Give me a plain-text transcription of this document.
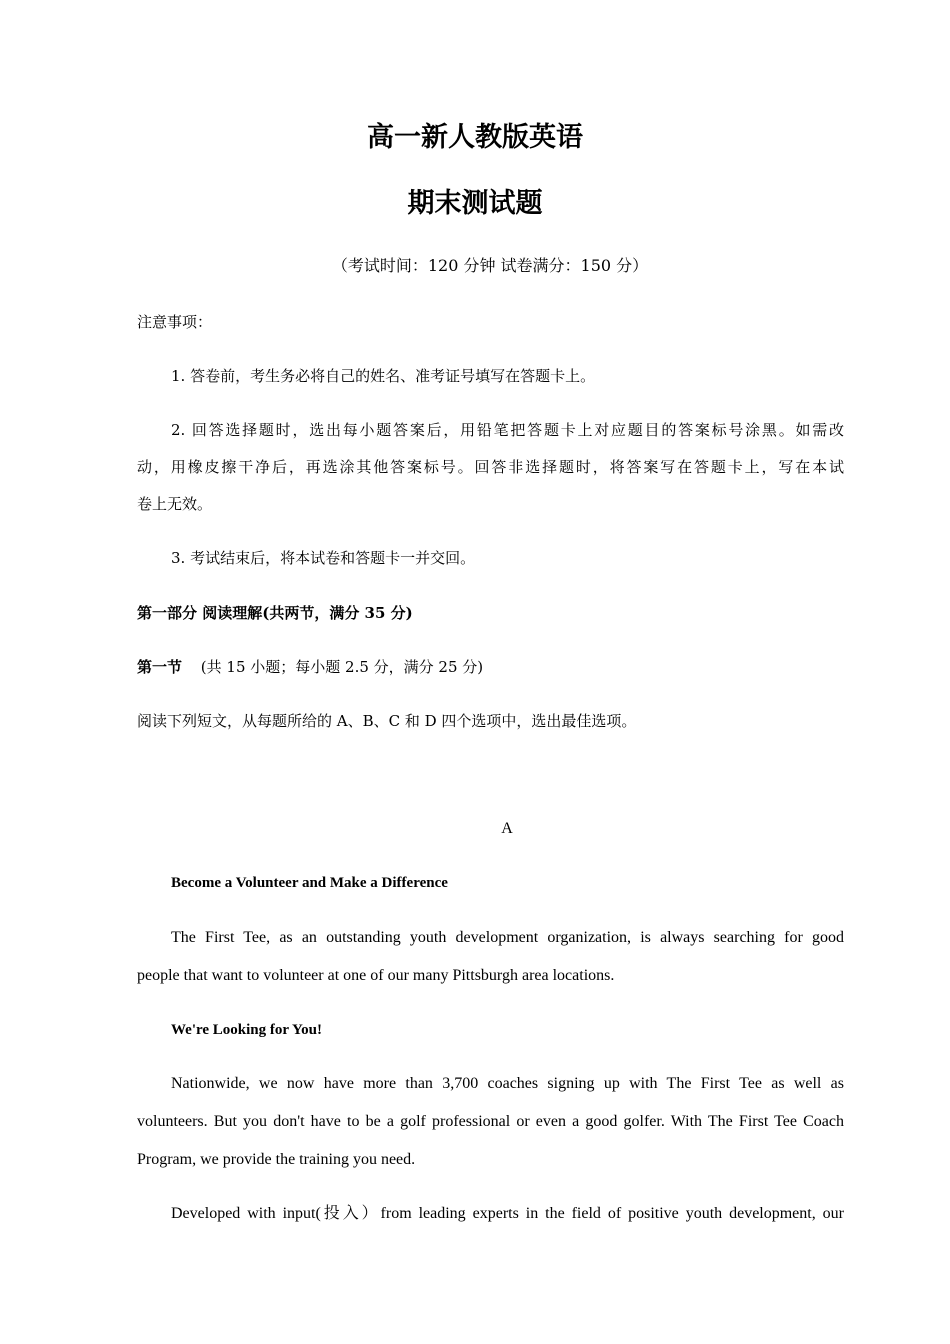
高一新人教版英语
期末测试题
（考试时间：120 分钟 试卷满分：150 分）
注意事项：
1. 答卷前，考生务必将自己的姓名、准考证号填写在答题卡上。
2. 回答选择题时，选出每小题答案后，用铅笔把答题卡上对应题目的答案标号涂黑。如需改
动，用橡皮擦干净后，再选涂其他答案标号。回答非选择题时，将答案写在答题卡上，写在本试
卷上无效。
3. 考试结束后，将本试卷和答题卡一并交回。
第一部分 阅读理解(共两节，满分 35 分)
第一节 (共 15 小题；每小题 2.5 分，满分 25 分)
阅读下列短文，从每题所给的 A、B、C 和 D 四个选项中，选出最佳选项。
A
Become a Volunteer and Make a Difference
The First Tee, as an outstanding youth development organization, is always searching for good
people that want to volunteer at one of our many Pittsburgh area locations.
We're Looking for You!
Nationwide, we now have more than 3,700 coaches signing up with The First Tee as well as
volunteers. But you don't have to be a golf professional or even a good golfer. With The First Tee Coach
Program, we provide the training you need.
Developed with input(投入）from leading experts in the field of positive youth development, our
